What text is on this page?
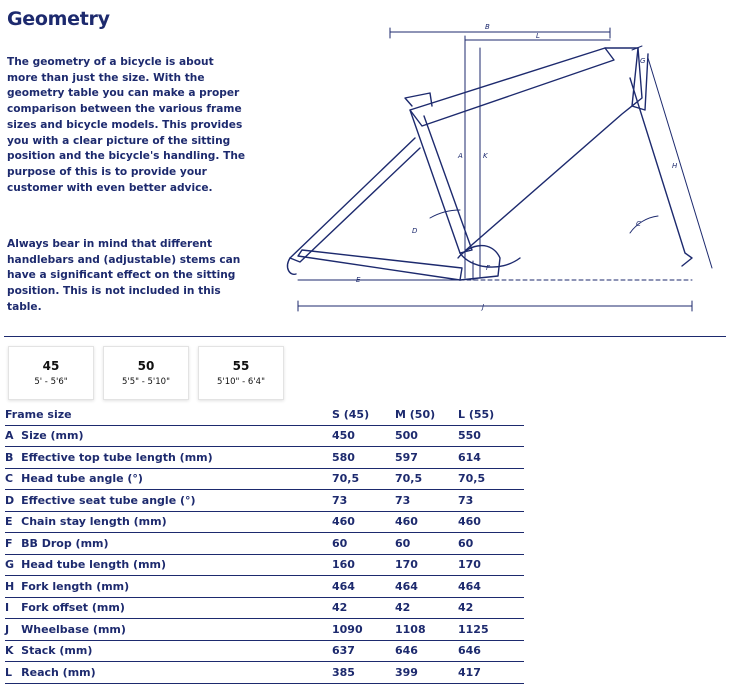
Geometry

The geometry of a bicycle is about more than just the size. With the geometry table you can make a proper comparison between the various frame sizes and bicycle models. This provides you with a clear picture of the sitting position and the bicycle's handling. The purpose of this is to provide your customer with even better advice.

Always bear in mind that different handlebars and (adjustable) stems can have a significant effect on the sitting position. This is not included in this table.

B
L
G
A	K
H
D
C
F
E
J
45
5' - 5'6"
50
5'5" - 5'10"
55
5'10" - 6'4"
Frame size		S (45)	M (50)	L (55)
A	Size (mm)	450	500	550
B	Effective top tube length (mm)	580	597	614
C	Head tube angle (°)	70,5	70,5	70,5
D	Effective seat tube angle (°)	73	73	73
E	Chain stay length (mm)	460	460	460
F	BB Drop (mm)	60	60	60
G	Head tube length (mm)	160	170	170
H	Fork length (mm)	464	464	464
I	Fork offset (mm)	42	42	42
J	Wheelbase (mm)	1090	1108	1125
K	Stack (mm)	637	646	646
L	Reach (mm)	385	399	417
